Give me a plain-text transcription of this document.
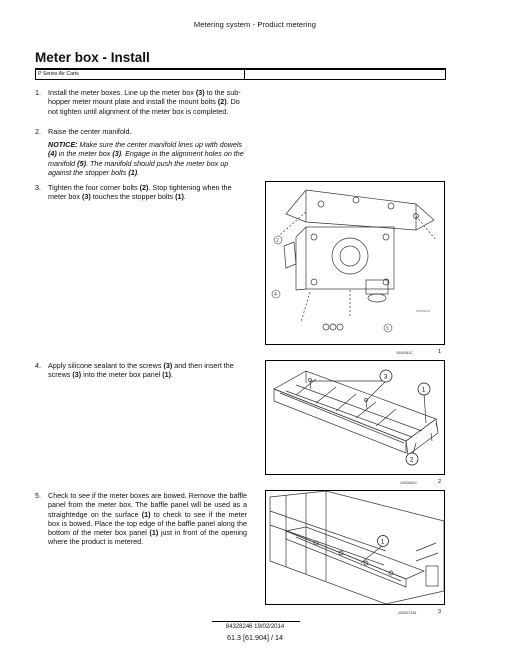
Metering system - Product metering
Meter box - Install
P Series Air Carts
1. Install the meter boxes. Line up the meter box (3) to the sub-hopper meter mount plate and install the mount bolts (2). Do not tighten until alignment of the meter box is completed.
2. Raise the center manifold.
NOTICE: Make sure the center manifold lines up with dowels (4) in the meter box (3). Engage in the alignment holes on the manifold (5). The manifold should push the meter box up against the stopper bolts (1).
3. Tighten the four corner bolts (2). Stop tightening when the meter box (3) touches the stopper bolts (1).
2
4
5
10X0041C
10X0041C	1
4. Apply silicone sealant to the screws (3) and then insert the screws (3) into the meter box panel (1).	3
1
2
10X0042C	2
5. Check to see if the meter boxes are bowed. Remove the baffle panel from the meter box. The baffle panel will be used as a straightedge on the surface (1) to check to see if the meter box is bowed. Place the top edge of the baffle panel along the bottom of the meter box panel (1) just in front of the opening where the product is metered.	1
10X0071A1	3
84328246 19/02/2014
61.3 [61.904] / 14
